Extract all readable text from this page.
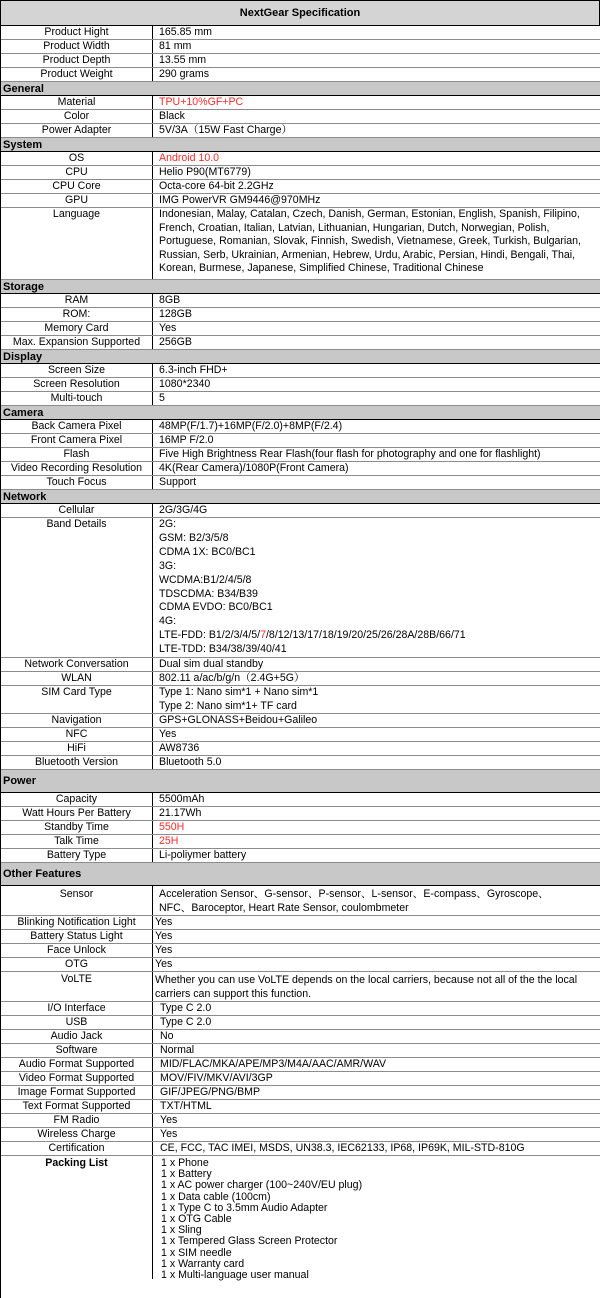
NextGear Specification
Product Hight	165.85 mm
Product Width	81 mm
Product Depth	13.55 mm
Product Weight	290 grams
General
Material	TPU+10%GF+PC
Color	Black
Power Adapter	5V/3A（15W Fast Charge）
System
OS	Android 10.0
CPU	Helio P90(MT6779)
CPU Core	Octa-core 64-bit 2.2GHz
GPU	IMG PowerVR GM9446@970MHz
Language	Indonesian, Malay, Catalan, Czech, Danish, German, Estonian, English, Spanish, Filipino,
French, Croatian, Italian, Latvian, Lithuanian, Hungarian, Dutch, Norwegian, Polish,
Portuguese, Romanian, Slovak, Finnish, Swedish, Vietnamese, Greek, Turkish, Bulgarian,
Russian, Serb, Ukrainian, Armenian, Hebrew, Urdu, Arabic, Persian, Hindi, Bengali, Thai,
Korean, Burmese, Japanese, Simplified Chinese, Traditional Chinese
Storage
RAM	8GB
ROM:	128GB
Memory Card	Yes
Max. Expansion Supported	256GB
Display
Screen Size	6.3-inch FHD+
Screen Resolution	1080*2340
Multi-touch	5
Camera
Back Camera Pixel	48MP(F/1.7)+16MP(F/2.0)+8MP(F/2.4)
Front Camera Pixel	16MP F/2.0
Flash	Five High Brightness Rear Flash(four flash for photography and one for flashlight)
Video Recording Resolution	4K(Rear Camera)/1080P(Front Camera)
Touch Focus	Support
Network
Cellular	2G/3G/4G
Band Details	2G:
GSM: B2/3/5/8
CDMA 1X: BC0/BC1
3G:
WCDMA:B1/2/4/5/8
TDSCDMA: B34/B39
CDMA EVDO: BC0/BC1
4G:
LTE-FDD: B1/2/3/4/5/7/8/12/13/17/18/19/20/25/26/28A/28B/66/71
LTE-TDD: B34/38/39/40/41
Network Conversation	Dual sim dual standby
WLAN	802.11 a/ac/b/g/n（2.4G+5G）
SIM Card Type	Type 1: Nano sim*1 + Nano sim*1
Type 2: Nano sim*1+ TF card
Navigation	GPS+GLONASS+Beidou+Galileo
NFC	Yes
HiFi	AW8736
Bluetooth Version	Bluetooth 5.0
Power
Capacity	5500mAh
Watt Hours Per Battery	21.17Wh
Standby Time	550H
Talk Time	25H
Battery Type	Li-poliymer battery
Other Features
Sensor	Acceleration Sensor、G-sensor、P-sensor、L-sensor、E-compass、Gyroscope、
NFC、Baroceptor, Heart Rate Sensor, coulombmeter
Blinking Notification Light	Yes
Battery Status Light	Yes
Face Unlock	Yes
OTG	Yes
VoLTE	Whether you can use VoLTE depends on the local carriers, because not all of the the local
carriers can support this function.
I/O Interface	Type C 2.0
USB	Type C 2.0
Audio Jack	No
Software	Normal
Audio Format Supported	MID/FLAC/MKA/APE/MP3/M4A/AAC/AMR/WAV
Video Format Supported	MOV/FIV/MKV/AVI/3GP
Image Format Supported	GIF/JPEG/PNG/BMP
Text Format Supported	TXT/HTML
FM Radio	Yes
Wireless Charge	Yes
Certification	CE, FCC, TAC IMEI, MSDS, UN38.3, IEC62133, IP68, IP69K, MIL-STD-810G
Packing List	1 x Phone
1 x Battery
1 x AC power charger (100~240V/EU plug)
1 x Data cable (100cm)
1 x Type C to 3.5mm Audio Adapter
1 x OTG Cable
1 x Sling
1 x Tempered Glass Screen Protector
1 x SIM needle
1 x Warranty card
1 x Multi-language user manual
